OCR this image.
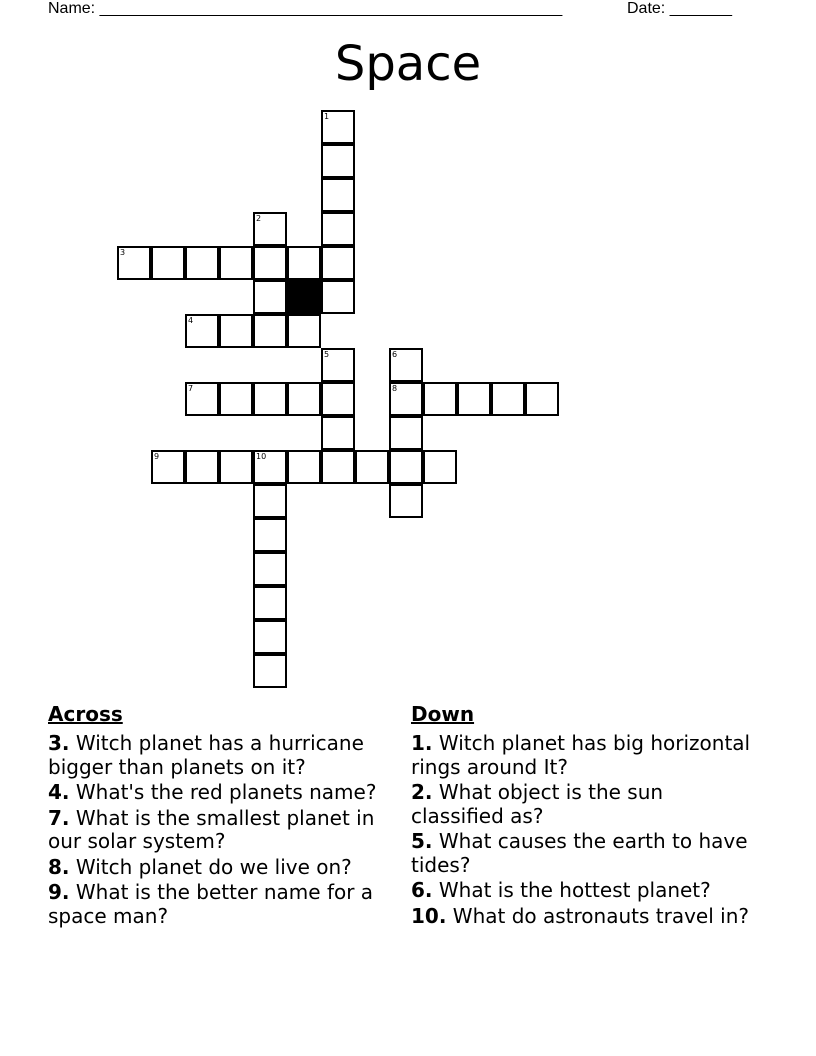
Name: ____________________________________________________	Date: _______
Space
1
2
3
4
5	6
7	8
9	10
Across
3. Witch planet has a hurricane bigger than planets on it?
4. What's the red planets name?
7. What is the smallest planet in our solar system?
8. Witch planet do we live on?
9. What is the better name for a space man?
Down
1. Witch planet has big horizontal rings around It?
2. What object is the sun classified as?
5. What causes the earth to have tides?
6. What is the hottest planet?
10. What do astronauts travel in?
